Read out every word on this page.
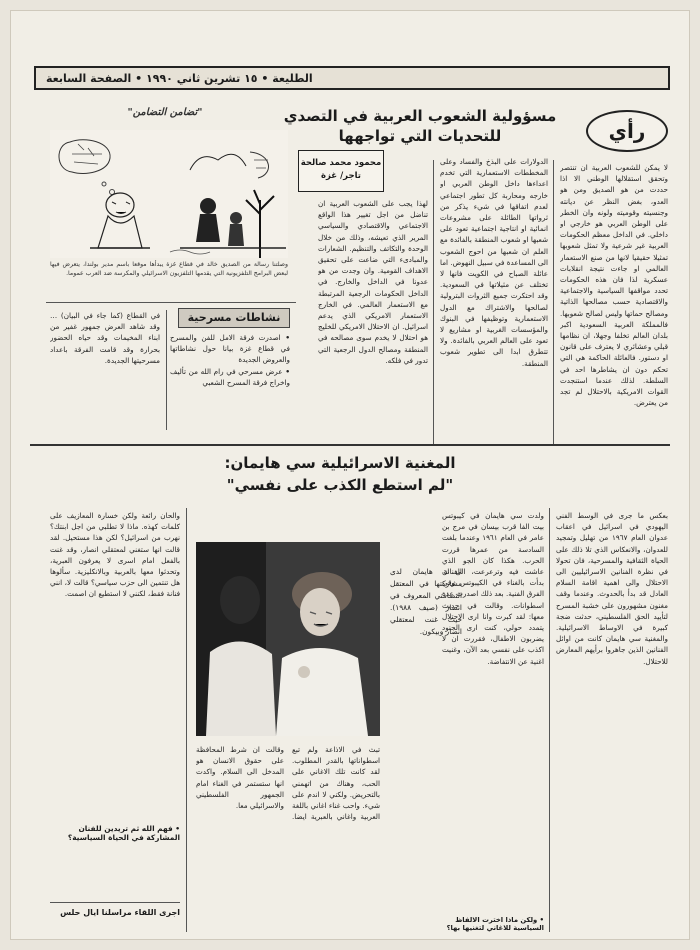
الطليعة • ١٥ تشرين ثاني ١٩٩٠ • الصفحة السابعة
رأي
مسؤولية الشعوب العربية في التصدي
للتحديات التي تواجهها
محمود محمد صالحة
تاجر/ غزة
لا يمكن للشعوب العربية ان تنتصر وتحقق استقلالها الوطني الا اذا حددت من هو الصديق ومن هو العدو، بغض النظر عن ديانته وجنسيته وقوميته ولونه وان الخطر على الوطن العربي هو خارجي او داخلي. في الداخل معظم الحكومات العربية غير شرعية ولا تمثل شعوبها تمثيلا حقيقيا لانها من صنع الاستعمار العالمي او جاءت نتيجة انقلابات عسكرية لذا فان هذه الحكومات تحدد مواقفها السياسية والاجتماعية والاقتصادية حسب مصالحها الذاتية ومصالح حماتها وليس لصالح شعوبها. فالمملكة العربية السعودية اكبر بلدان العالم تخلفا وجهلا، ان نظامها قبلي وعشائري لا يعترف على قانون او دستور. فالعائلة الحاكمة هي التي تحكم دون ان يشاطرها احد في السلطة. لذلك عندما استنجدت القوات الامريكية بالاحتلال لم تجد من يعترض.
الدولارات على البذخ والفساد وعلى المخططات الاستعمارية التي تخدم اعداءها داخل الوطن العربي او خارجه ومحاربة كل تطور اجتماعي لعدم اتفاقها في شيء يذكر من ثرواتها الطائلة على مشروعات انمائية او انتاجية اجتماعية تعود على شعبها او شعوب المنطقة بالفائدة مع العلم ان شعبها من احوج الشعوب الى المساعدة في سبيل النهوض. اما عائلة الصباح في الكويت فانها لا تختلف عن مثيلاتها في السعودية. وقد احتكرت جميع الثروات البترولية لصالحها والاشتراك مع الدول الاستعمارية وتوظيفها في البنوك والمؤسسات الغربية او مشاريع لا تعود على العالم العربي بالفائدة. ولا تتطرق ابدا الى تطوير شعوب المنطقة.
لهذا يجب على الشعوب العربية ان تناضل من اجل تغيير هذا الواقع الاجتماعي والاقتصادي والسياسي المرير الذي تعيشه، وذلك من خلال الوحدة والتكاتف والتنظيم. الشعارات والمبادىء التي ضاعت على تحقيق الاهداف القومية. وان وجدت من هو عدونا في الداخل والخارج. في الداخل الحكومات الرجعية المرتبطة مع الاستعمار العالمي. في الخارج الاستعمار الامريكي الذي يدعم اسرائيل. ان الاحتلال الامريكي للخليج هو احتلال لا يخدم سوى مصالحه في المنطقة ومصالح الدول الرجعية التي تدور في فلكه.
"تضامن التضامن"
وصلتنا رسالة من الصديق خالد في قطاع غزة يبدأها موقعا باسم مدير بولندا، يتعرض فيها لبعض البرامج التلفزيونية التي يقدمها التلفزيون الاسرائيلي والمكرسة ضد العرب عموما.
نشاطات مسرحية
• اصدرت فرقة الامل للفن والمسرح في قطاع غزة بيانا حول نشاطاتها والعروض الجديدة
• عرض مسرحي في رام الله من تأليف واخراج فرقة المسرح الشعبي
في القطاع (كما جاء في البيان) … وقد شاهد العرض جمهور غفير من ابناء المخيمات وقد حياه الحضور بحرارة وقد قامت الفرقة باعداد مسرحيتها الجديدة.
المغنية الاسرائيلية سي هايمان:
"لم استطع الكذب على نفسي"
بعكس ما جرى في الوسط الفني اليهودي في اسرائيل في اعقاب عدوان العام ١٩٦٧ من تهليل وتمجيد للعدوان، والانعكاس الذي تلا ذلك على الحياة الثقافية والمسرحية، فان تحولا في نظرة الفنانين الاسرائيليين الى الاحتلال والى اهمية اقامة السلام العادل قد بدأ بالحدوث. وعندما وقف مغنون مشهورون على خشبة المسرح لتأييد الحق الفلسطيني، حدثت ضجة كبيرة في الاوساط الاسرائيلية. والمغنية سي هايمان كانت من اوائل الفنانين الذين جاهروا برأيهم المعارض للاحتلال.
ولدت سي هايمان في كيبوتس بيت الفا قرب بيسان في مرج بن عامر في العام ١٩٦١ وعندما بلغت السادسة من عمرها قررت الحرب. هكذا كان الجو الذي عاشت فيه وترعرعت، الى ان بدأت بالغناء في الكيبوتس وفي الفرق الفنية. بعد ذلك اصدرت عدة اسطوانات. وقالت في حديث معها: لقد كبرت وانا ارى الاحتلال يتمدد حولي، كنت ارى الجنود يضربون الاطفال، فقررت ان لا اكذب على نفسي بعد الآن، وغنيت اغنية عن الانتفاضة.
• ولكن ماذا اخترت الالفاظ السياسية للاغاني لتغنيها بها؟
الفنانة هايمان لدى مشاركتها في المعتقل التضامني المعروف في انصار (صيف ١٩٨٨). حيث غنت لمعتقلي انصار وبيكون.
تبث في الاذاعة ولم تبع اسطواناتها بالقدر المطلوب. لقد كانت تلك الاغاني على الحب، وهناك من اتهمني بالتحريض. ولكني لا اندم على شيء. واحب غناء اغاني باللغة العربية واغاني بالعبرية ايضا. وقالت ان شرط المحافظة على حقوق الانسان هو المدخل الى السلام. واكدت انها ستستمر في الغناء امام الجمهور الفلسطيني والاسرائيلي معا.
والحان رائعة ولكن خسارة المعازيف على كلمات كهذه. ماذا لا تطلبي من اجل ابنتك؟ نهرب من اسرائيل؟ لكن هذا مستحيل. لقد قالت انها ستغني لمعتقلي انصار، وقد غنت بالفعل امام اسرى لا يعرفون العبرية، وتحدثوا معها بالعربية وبالانكليزية. سألوها هل تنتمين الى حزب سياسي؟ قالت لا، انني فنانة فقط، لكنني لا استطيع ان اصمت.
• فهم الله ثم تريدين للفنان المشاركة في الحياة السياسية؟
اجرى اللقاء مراسلنا ايال حلس
